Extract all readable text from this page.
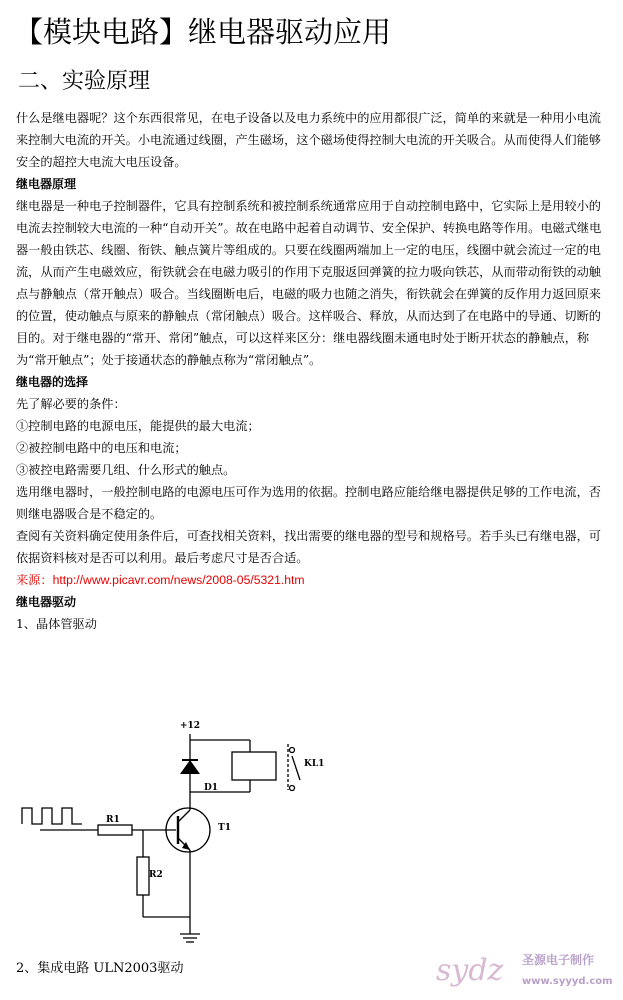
【模块电路】继电器驱动应用
二、实验原理

什么是继电器呢？这个东西很常见，在电子设备以及电力系统中的应用都很广泛，简单的来就是一种用小电流来控制大电流的开关。小电流通过线圈，产生磁场，这个磁场使得控制大电流的开关吸合。从而使得人们能够安全的超控大电流大电压设备。

继电器原理

继电器是一种电子控制器件，它具有控制系统和被控制系统通常应用于自动控制电路中，它实际上是用较小的电流去控制较大电流的一种“自动开关”。故在电路中起着自动调节、安全保护、转换电路等作用。电磁式继电器一般由铁芯、线圈、衔铁、触点簧片等组成的。只要在线圈两端加上一定的电压，线圈中就会流过一定的电流，从而产生电磁效应，衔铁就会在电磁力吸引的作用下克服返回弹簧的拉力吸向铁芯，从而带动衔铁的动触点与静触点（常开触点）吸合。当线圈断电后，电磁的吸力也随之消失，衔铁就会在弹簧的反作用力返回原来的位置，使动触点与原来的静触点（常闭触点）吸合。这样吸合、释放，从而达到了在电路中的导通、切断的目的。对于继电器的“常开、常闭”触点，可以这样来区分：继电器线圈未通电时处于断开状态的静触点，称为“常开触点”；处于接通状态的静触点称为“常闭触点”。

继电器的选择

先了解必要的条件：

①控制电路的电源电压，能提供的最大电流；

②被控制电路中的电压和电流；

③被控电路需要几组、什么形式的触点。

选用继电器时，一般控制电路的电源电压可作为选用的依据。控制电路应能给继电器提供足够的工作电流，否则继电器吸合是不稳定的。

查阅有关资料确定使用条件后，可查找相关资料，找出需要的继电器的型号和规格号。若手头已有继电器，可依据资料核对是否可以利用。最后考虑尺寸是否合适。

来源：http://www.picavr.com/news/2008-05/5321.htm

继电器驱动

1、晶体管驱动

+12
D1
KL1
T1
R1
R2
2、集成电路 ULN2003驱动	sydz 圣源电子制作
www.syyyd.com
